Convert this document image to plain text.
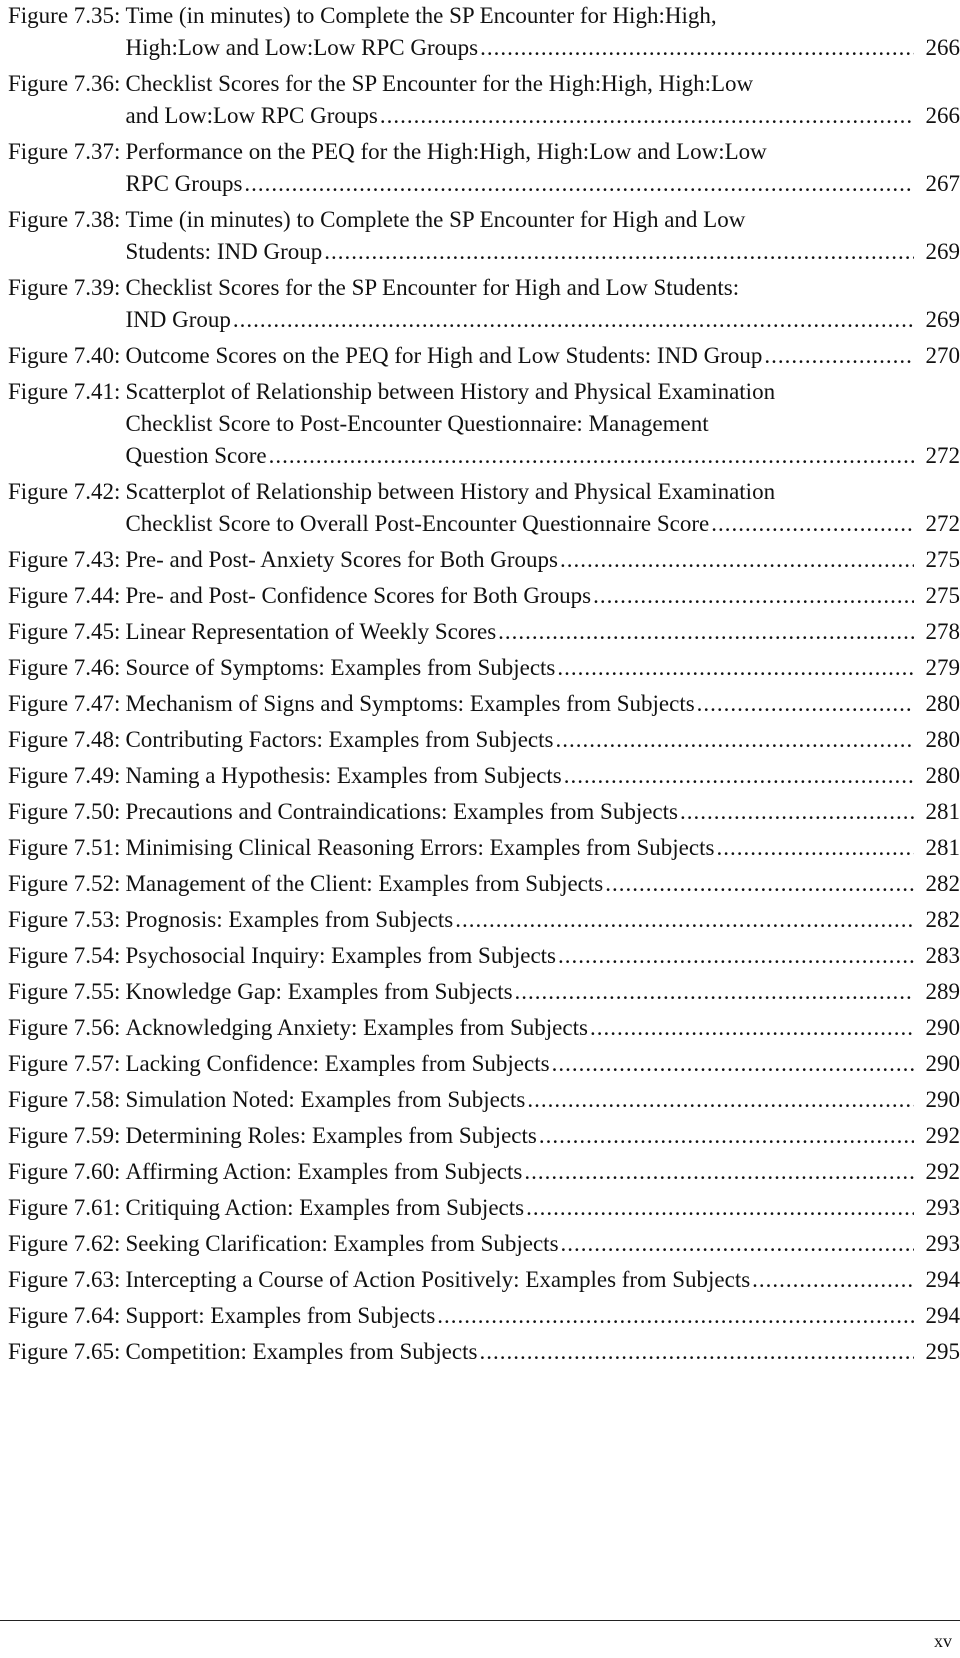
Figure 7.35: Time (in minutes) to Complete the SP Encounter for High:High,
High:Low and Low:Low RPC Groups .....	266
Figure 7.36: Checklist Scores for the SP Encounter for the High:High, High:Low
and Low:Low RPC Groups .....	266
Figure 7.37: Performance on the PEQ for the High:High, High:Low and Low:Low
RPC Groups .....	267
Figure 7.38: Time (in minutes) to Complete the SP Encounter for High and Low
Students: IND Group .....	269
Figure 7.39: Checklist Scores for the SP Encounter for High and Low Students:
IND Group .....	269
Figure 7.40: Outcome Scores on the PEQ for High and Low Students: IND Group .....	270
Figure 7.41: Scatterplot of Relationship between History and Physical Examination
Checklist Score to Post-Encounter Questionnaire: Management
Question Score .....	272
Figure 7.42: Scatterplot of Relationship between History and Physical Examination
Checklist Score to Overall Post-Encounter Questionnaire Score .....	272
Figure 7.43: Pre- and Post- Anxiety Scores for Both Groups .....	275
Figure 7.44: Pre- and Post- Confidence Scores for Both Groups .....	275
Figure 7.45: Linear Representation of Weekly Scores .....	278
Figure 7.46: Source of Symptoms: Examples from Subjects .....	279
Figure 7.47: Mechanism of Signs and Symptoms: Examples from Subjects .....	280
Figure 7.48: Contributing Factors: Examples from Subjects .....	280
Figure 7.49: Naming a Hypothesis: Examples from Subjects .....	280
Figure 7.50: Precautions and Contraindications: Examples from Subjects .....	281
Figure 7.51: Minimising Clinical Reasoning Errors: Examples from Subjects .....	281
Figure 7.52: Management of the Client: Examples from Subjects .....	282
Figure 7.53: Prognosis: Examples from Subjects .....	282
Figure 7.54: Psychosocial Inquiry: Examples from Subjects .....	283
Figure 7.55: Knowledge Gap: Examples from Subjects .....	289
Figure 7.56: Acknowledging Anxiety: Examples from Subjects .....	290
Figure 7.57: Lacking Confidence: Examples from Subjects .....	290
Figure 7.58: Simulation Noted: Examples from Subjects .....	290
Figure 7.59: Determining Roles: Examples from Subjects .....	292
Figure 7.60: Affirming Action: Examples from Subjects .....	292
Figure 7.61: Critiquing Action: Examples from Subjects .....	293
Figure 7.62: Seeking Clarification: Examples from Subjects .....	293
Figure 7.63: Intercepting a Course of Action Positively: Examples from Subjects .....	294
Figure 7.64: Support: Examples from Subjects .....	294
Figure 7.65: Competition: Examples from Subjects .....	295
xv
